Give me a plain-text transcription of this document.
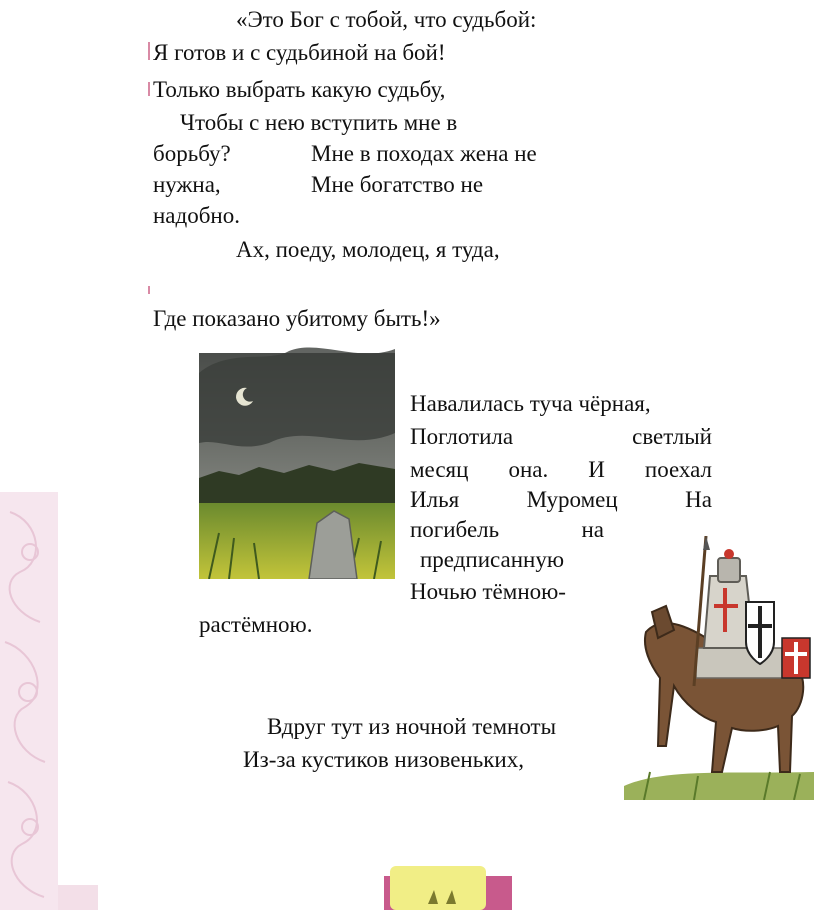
«Это Бог с тобой, что судьбой:
Я готов и с судьбиной на бой!
Только выбрать какую судьбу,
Чтобы с нею вступить мне в
борьбу?	Мне в походах жена не
нужна,	Мне богатство не
надобно.
Ах, поеду, молодец, я туда,
Где показано убитому быть!»
Навалилась туча чёрная,
Поглотила	светлый
месяц она. И поехал
Илья	Муромец	На
погибель	на
предписанную
Ночью тёмною-
растёмною.
Вдруг тут из ночной темноты
Из-за кустиков низовеньких,
